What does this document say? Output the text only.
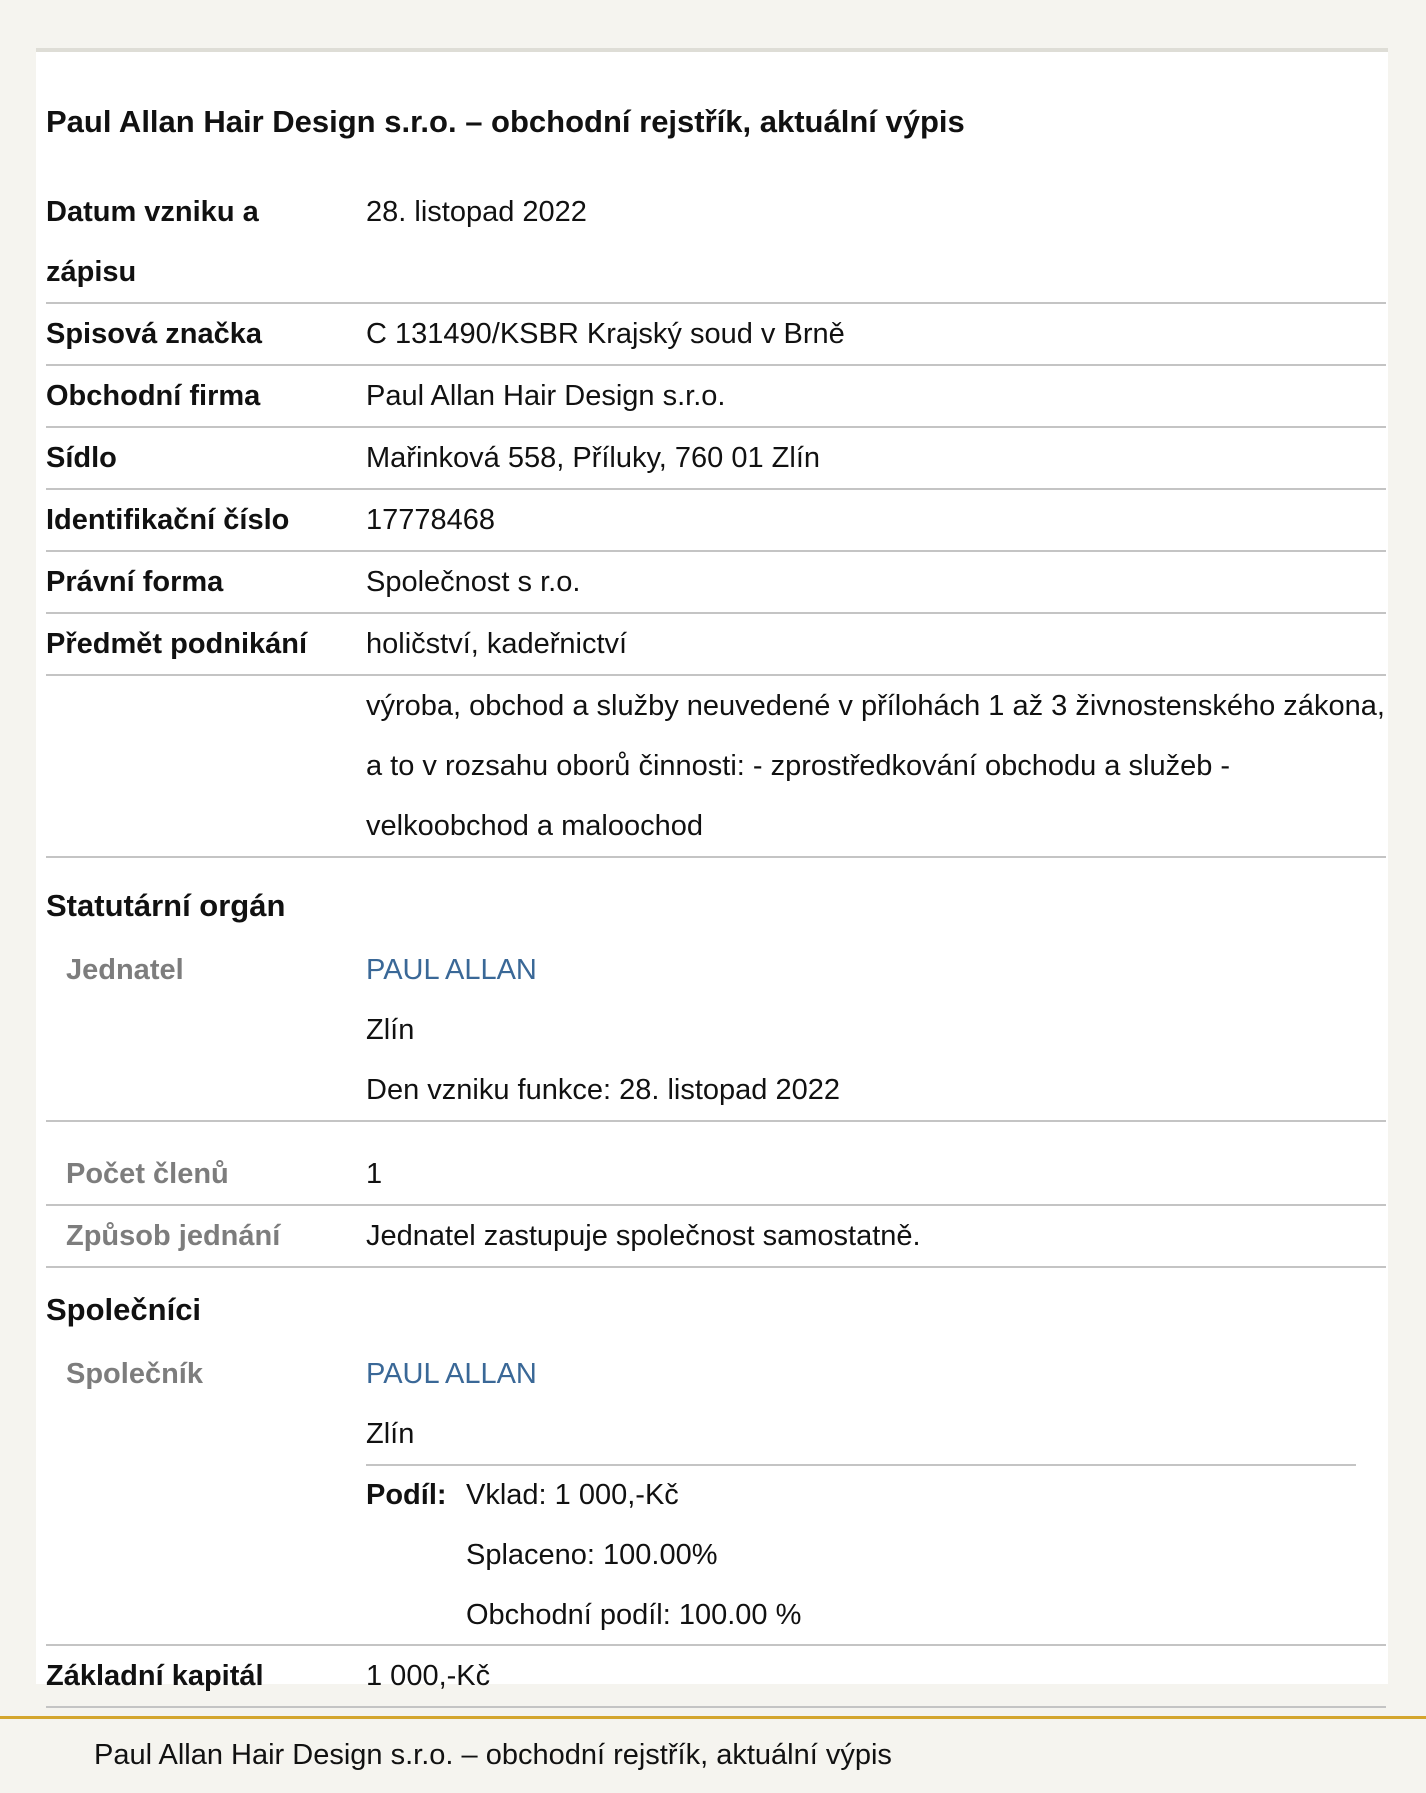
Paul Allan Hair Design s.r.o. – obchodní rejstřík, aktuální výpis
Datum vzniku a zápisu
28. listopad 2022
Spisová značka	C 131490/KSBR Krajský soud v Brně
Obchodní firma	Paul Allan Hair Design s.r.o.
Sídlo	Mařinková 558, Příluky, 760 01 Zlín
Identifikační číslo	17778468
Právní forma	Společnost s r.o.
Předmět podnikání	holičství, kadeřnictví
výroba, obchod a služby neuvedené v přílohách 1 až 3 živnostenského zákona, a to v rozsahu oborů činnosti: - zprostředkování obchodu a služeb - velkoobchod a maloochod
Statutární orgán
Jednatel	PAUL ALLAN
Zlín
Den vzniku funkce: 28. listopad 2022
Počet členů	1
Způsob jednání	Jednatel zastupuje společnost samostatně.
Společníci
Společník	PAUL ALLAN
Zlín
Podíl: Vklad: 1 000,-Kč
Splaceno: 100.00%
Obchodní podíl: 100.00 %
Základní kapitál	1 000,-Kč
Paul Allan Hair Design s.r.o. – obchodní rejstřík, aktuální výpis
